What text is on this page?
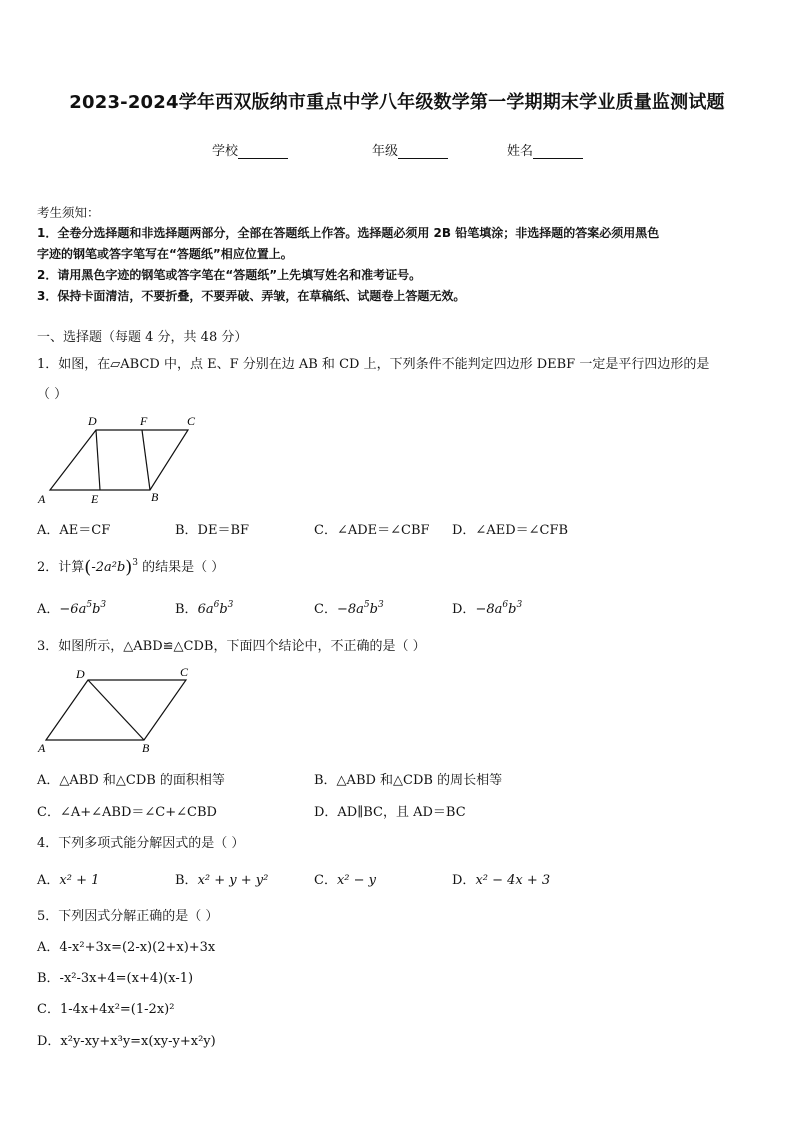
2023-2024学年西双版纳市重点中学八年级数学第一学期期末学业质量监测试题
学校	年级	姓名
考生须知：
1．全卷分选择题和非选择题两部分，全部在答题纸上作答。选择题必须用 2B 铅笔填涂；非选择题的答案必须用黑色
字迹的钢笔或答字笔写在“答题纸”相应位置上。
2．请用黑色字迹的钢笔或答字笔在“答题纸”上先填写姓名和准考证号。
3．保持卡面清洁，不要折叠，不要弄破、弄皱，在草稿纸、试题卷上答题无效。
一、选择题（每题 4 分，共 48 分）
1．如图，在▱ABCD 中，点 E、F 分别在边 AB 和 CD 上，下列条件不能判定四边形 DEBF 一定是平行四边形的是
（ ）
D	F	C
A	E	B
A．AE＝CF	B．DE＝BF	C．∠ADE＝∠CBF D．∠AED＝∠CFB
2．计算$(-2a^2b)^3$ 的结果是（ ）
A．$-6a^5b^3$	B．$6a^6b^3$	C．$-8a^5b^3$	D．$-8a^6b^3$
3．如图所示，△ABD≌△CDB，下面四个结论中，不正确的是（ ）
D	C
A	B
A．△ABD 和△CDB 的面积相等	B．△ABD 和△CDB 的周长相等
C．∠A+∠ABD＝∠C+∠CBD	D．AD∥BC，且 AD＝BC
4．下列多项式能分解因式的是（ ）
A．x² + 1	B．x² + y + y²	C．x² − y	D．x² − 4x + 3
5．下列因式分解正确的是（ ）
A．4-x²+3x=(2-x)(2+x)+3x
B．-x²-3x+4=(x+4)(x-1)
C．1-4x+4x²=(1-2x)²
D．x²y-xy+x³y=x(xy-y+x²y)
